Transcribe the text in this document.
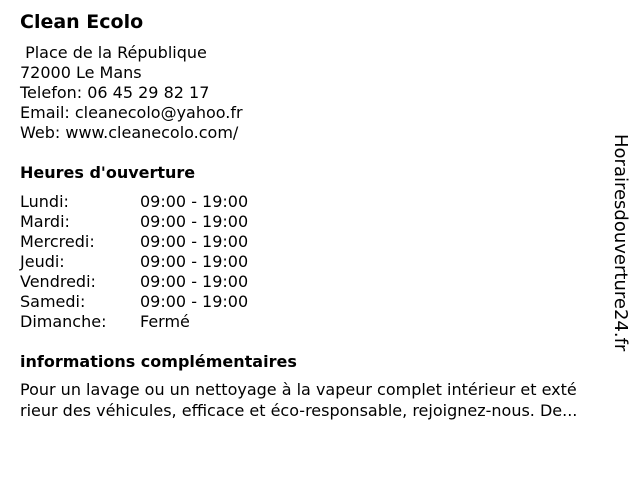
Clean Ecolo
Place de la République
72000 Le Mans
Telefon: 06 45 29 82 17
Email: cleanecolo@yahoo.fr
Web: www.cleanecolo.com/
Heures d'ouverture
Lundi:	09:00 - 19:00
Mardi:	09:00 - 19:00
Mercredi:	09:00 - 19:00
Jeudi:	09:00 - 19:00
Vendredi:	09:00 - 19:00
Samedi:	09:00 - 19:00
Dimanche:	Fermé
informations complémentaires

Pour un lavage ou un nettoyage à la vapeur complet intérieur et exté

rieur des véhicules, efficace et éco-responsable, rejoignez-nous. De...

Horairesdouverture24.fr
